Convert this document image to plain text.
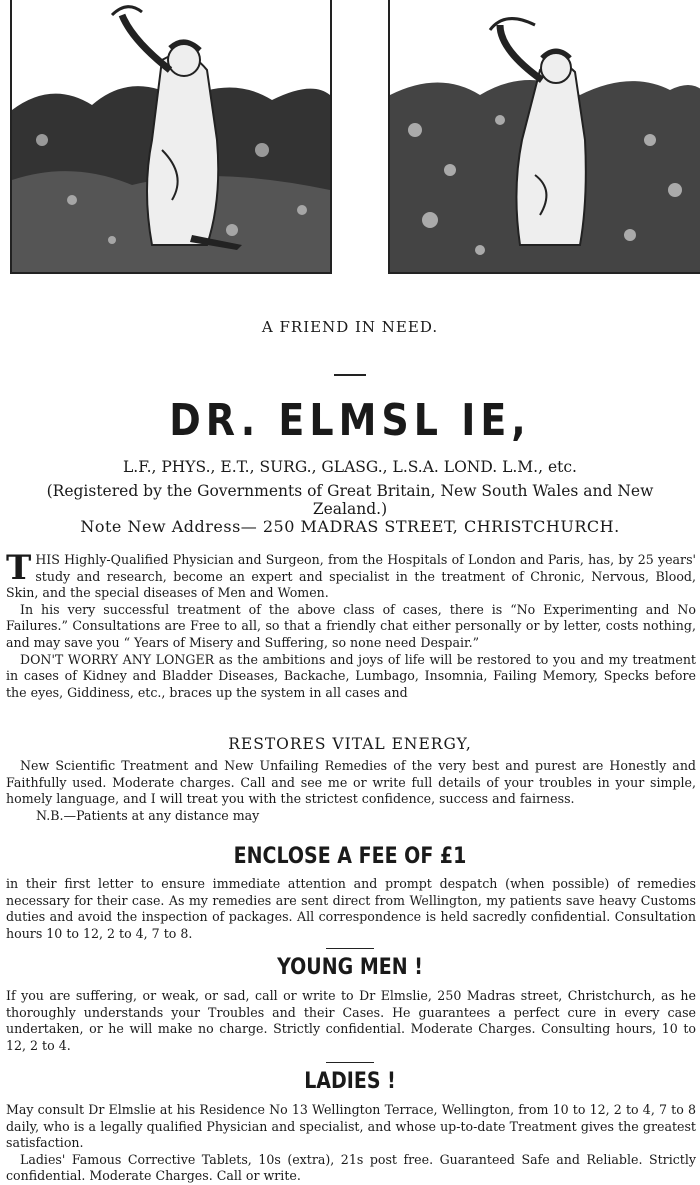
A FRIEND IN NEED.
DR. ELMSL IE,
L.F., PHYS., E.T., SURG., GLASG., L.S.A. LOND. L.M., etc.
(Registered by the Governments of Great Britain, New South Wales and New Zealand.)
Note New Address— 250 MADRAS STREET, CHRISTCHURCH.

THIS Highly-Qualified Physician and Surgeon, from the Hospitals of London and Paris, has, by 25 years' study and research, become an expert and specialist in the treatment of Chronic, Nervous, Blood, Skin, and the special diseases of Men and Women.

In his very successful treatment of the above class of cases, there is “No Experimenting and No Failures.” Consultations are Free to all, so that a friendly chat either personally or by letter, costs nothing, and may save you “ Years of Misery and Suffering, so none need Despair.”

DON'T WORRY ANY LONGER as the ambitions and joys of life will be restored to you and my treatment in cases of Kidney and Bladder Diseases, Backache, Lumbago, Insomnia, Failing Memory, Specks before the eyes, Giddiness, etc., braces up the system in all cases and

RESTORES VITAL ENERGY,

New Scientific Treatment and New Unfailing Remedies of the very best and purest are Honestly and Faithfully used. Moderate charges. Call and see me or write full details of your troubles in your simple, homely language, and I will treat you with the strictest confidence, success and fairness.

N.B.—Patients at any distance may

ENCLOSE A FEE OF £1

in their first letter to ensure immediate attention and prompt despatch (when possible) of remedies necessary for their case. As my remedies are sent direct from Wellington, my patients save heavy Customs duties and avoid the inspection of packages. All correspondence is held sacredly confidential. Consultation hours 10 to 12, 2 to 4, 7 to 8.

YOUNG MEN !

If you are suffering, or weak, or sad, call or write to Dr Elmslie, 250 Madras street, Christchurch, as he thoroughly understands your Troubles and their Cases. He guarantees a perfect cure in every case undertaken, or he will make no charge. Strictly confidential. Moderate Charges. Consulting hours, 10 to 12, 2 to 4.

LADIES !

May consult Dr Elmslie at his Residence No 13 Wellington Terrace, Wellington, from 10 to 12, 2 to 4, 7 to 8 daily, who is a legally qualified Physician and specialist, and whose up-to-date Treatment gives the greatest satisfaction.

Ladies' Famous Corrective Tablets, 10s (extra), 21s post free. Guaranteed Safe and Reliable. Strictly confidential. Moderate Charges. Call or write.
